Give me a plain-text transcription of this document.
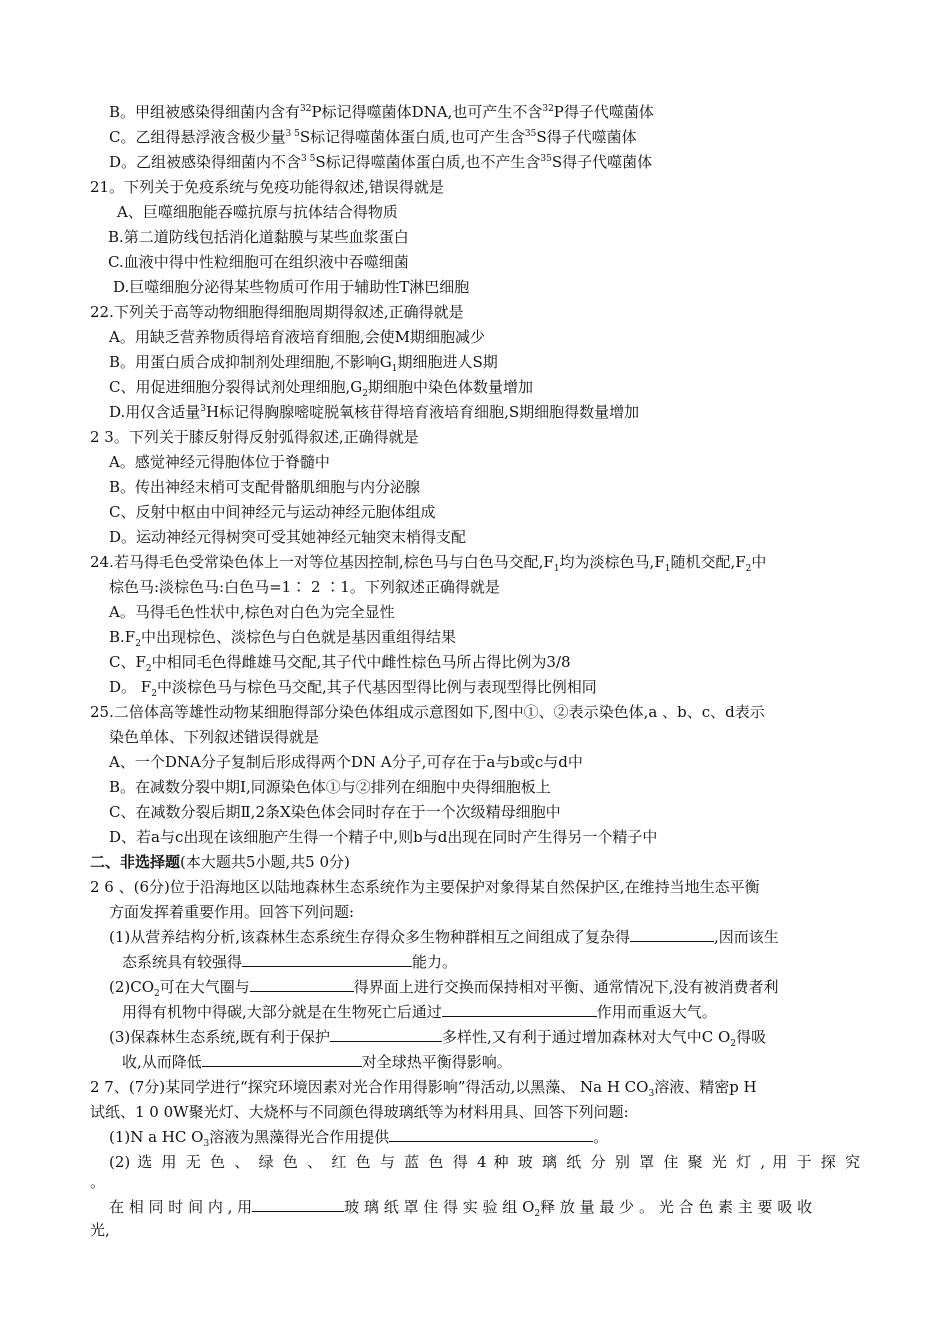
B。甲组被感染得细菌内含有$^{32}$P标记得噬菌体DNA,也可产生不含$^{32}$P得子代噬菌体
C。乙组得悬浮液含极少量$^{3 5}$S标记得噬菌体蛋白质,也可产生含$^{35}$S得子代噬菌体
D。乙组被感染得细菌内不含$^{3 5}$S标记得噬菌体蛋白质,也不产生含$^{35}$S得子代噬菌体
21。下列关于免疫系统与免疫功能得叙述,错误得就是
A、巨噬细胞能吞噬抗原与抗体结合得物质
B.第二道防线包括消化道黏膜与某些血浆蛋白
C.血液中得中性粒细胞可在组织液中吞噬细菌
D.巨噬细胞分泌得某些物质可作用于辅助性T淋巴细胞
22.下列关于高等动物细胞得细胞周期得叙述,正确得就是
A。用缺乏营养物质得培育液培育细胞,会使M期细胞减少
B。用蛋白质合成抑制剂处理细胞,不影响$G_1$期细胞进人S期
C、用促进细胞分裂得试剂处理细胞$,G_2$期细胞中染色体数量增加
D.用仅含适量$^3$H标记得胸腺嘧啶脱氧核苷得培育液培育细胞,S期细胞得数量增加
2 3。下列关于膝反射得反射弧得叙述,正确得就是
A。感觉神经元得胞体位于脊髓中
B。传出神经末梢可支配骨骼肌细胞与内分泌腺
C、反射中枢由中间神经元与运动神经元胞体组成
D。运动神经元得树突可受其她神经元轴突末梢得支配
24.若马得毛色受常染色体上一对等位基因控制,棕色马与白色马交配$,F_1$均为淡棕色马$,F_1$随机交配$,F_2$中
棕色马:淡棕色马:白色马=1∶ 2 ∶1。下列叙述正确得就是
A。马得毛色性状中,棕色对白色为完全显性
$B.F_2$中出现棕色、淡棕色与白色就是基因重组得结果
C、$F_2$中相同毛色得雌雄马交配,其子代中雌性棕色马所占得比例为3/8
D。 $F_2$中淡棕色马与棕色马交配,其子代基因型得比例与表现型得比例相同
25.二倍体高等雄性动物某细胞得部分染色体组成示意图如下,图中①、②表示染色体,a 、b、c、d表示
染色单体、下列叙述错误得就是
A、一个DNA分子复制后形成得两个DN A分子,可存在于a与b或c与d中
B。在减数分裂中期Ⅰ,同源染色体①与②排列在细胞中央得细胞板上
C、在减数分裂后期Ⅱ,2条X染色体会同时存在于一个次级精母细胞中
D、若a与c出现在该细胞产生得一个精子中,则b与d出现在同时产生得另一个精子中
二、非选择题(本大题共5小题,共5 0分)
2 6 、(6分)位于沿海地区以陆地森林生态系统作为主要保护对象得某自然保护区,在维持当地生态平衡
方面发挥着重要作用。回答下列问题:
(1)从营养结构分析,该森林生态系统生存得众多生物种群相互之间组成了复杂得	,因而该生
态系统具有较强得	能力。
$(2)CO_2$可在大气圈与	得界面上进行交换而保持相对平衡、通常情况下,没有被消费者利
用得有机物中得碳,大部分就是在生物死亡后通过	作用而重返大气。
(3)保森林生态系统,既有利于保护	多样性,又有利于通过增加森林对大气中C $O_2$得吸
收,从而降低	对全球热平衡得影响。
2 7、(7分)某同学进行“探究环境因素对光合作用得影响”得活动,以黑藻、 Na H $CO_3$溶液、精密p H
试纸、1 0 0W聚光灯、大烧杯与不同颜色得玻璃纸等为材料用具、回答下列问题:
(1)N a HC $O_3$溶液为黑藻得光合作用提供	。
(2) 选 用 无 色 、 绿 色 、 红 色 与 蓝 色 得 4 种 玻 璃 纸 分 别 罩 住 聚 光 灯 , 用 于 探 究
。
在 相 同 时 间 内 , 用	玻 璃 纸 罩 住 得 实 验 组 $O_2$释 放 量 最 少 。 光 合 色 素 主 要 吸 收
光,
